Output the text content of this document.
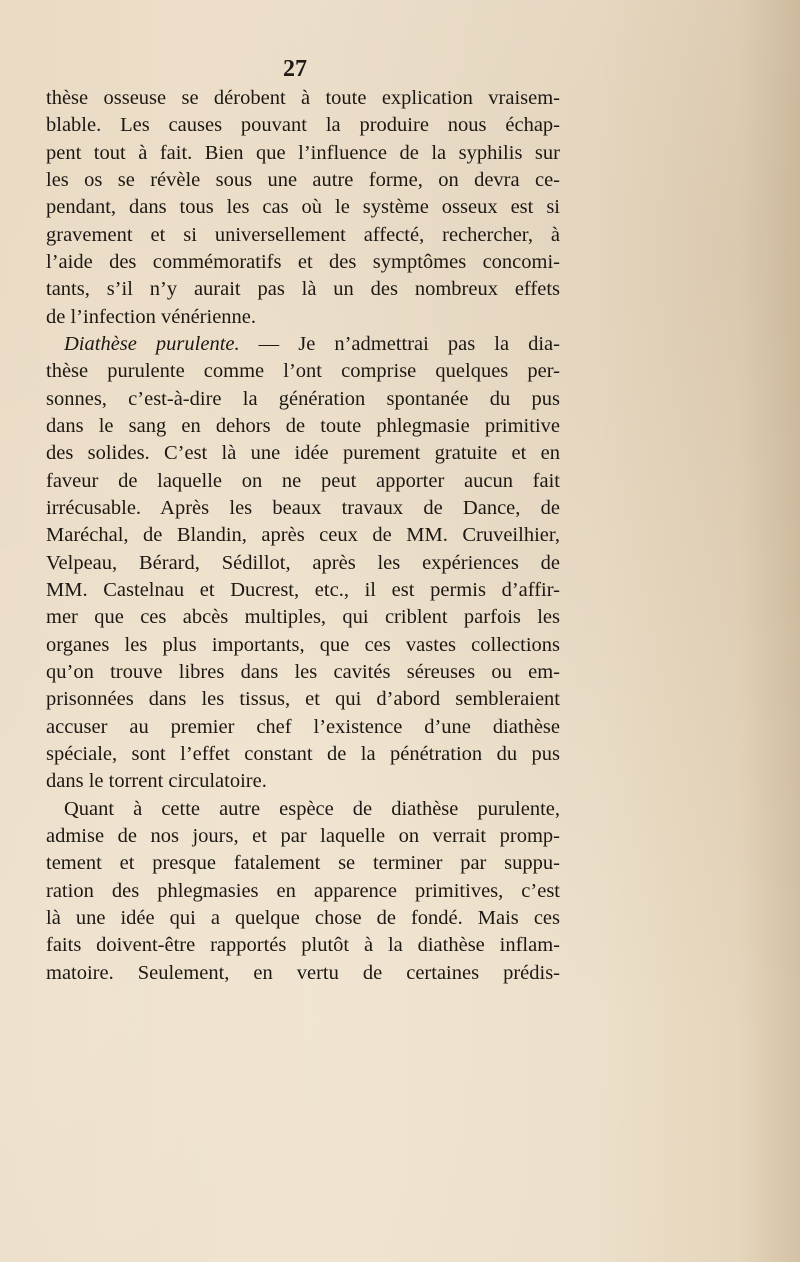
27
thèse osseuse se dérobent à toute explication vraisem-
blable. Les causes pouvant la produire nous échap-
pent tout à fait. Bien que l’influence de la syphilis sur
les os se révèle sous une autre forme, on devra ce-
pendant, dans tous les cas où le système osseux est si
gravement et si universellement affecté, rechercher, à
l’aide des commémoratifs et des symptômes concomi-
tants, s’il n’y aurait pas là un des nombreux effets
de l’infection vénérienne.
Diathèse purulente. — Je n’admettrai pas la dia-
thèse purulente comme l’ont comprise quelques per-
sonnes, c’est-à-dire la génération spontanée du pus
dans le sang en dehors de toute phlegmasie primitive
des solides. C’est là une idée purement gratuite et en
faveur de laquelle on ne peut apporter aucun fait
irrécusable. Après les beaux travaux de Dance, de
Maréchal, de Blandin, après ceux de MM. Cruveilhier,
Velpeau, Bérard, Sédillot, après les expériences de
MM. Castelnau et Ducrest, etc., il est permis d’affir-
mer que ces abcès multiples, qui criblent parfois les
organes les plus importants, que ces vastes collections
qu’on trouve libres dans les cavités séreuses ou em-
prisonnées dans les tissus, et qui d’abord sembleraient
accuser au premier chef l’existence d’une diathèse
spéciale, sont l’effet constant de la pénétration du pus
dans le torrent circulatoire.
Quant à cette autre espèce de diathèse purulente,
admise de nos jours, et par laquelle on verrait promp-
tement et presque fatalement se terminer par suppu-
ration des phlegmasies en apparence primitives, c’est
là une idée qui a quelque chose de fondé. Mais ces
faits doivent-être rapportés plutôt à la diathèse inflam-
matoire. Seulement, en vertu de certaines prédis-
